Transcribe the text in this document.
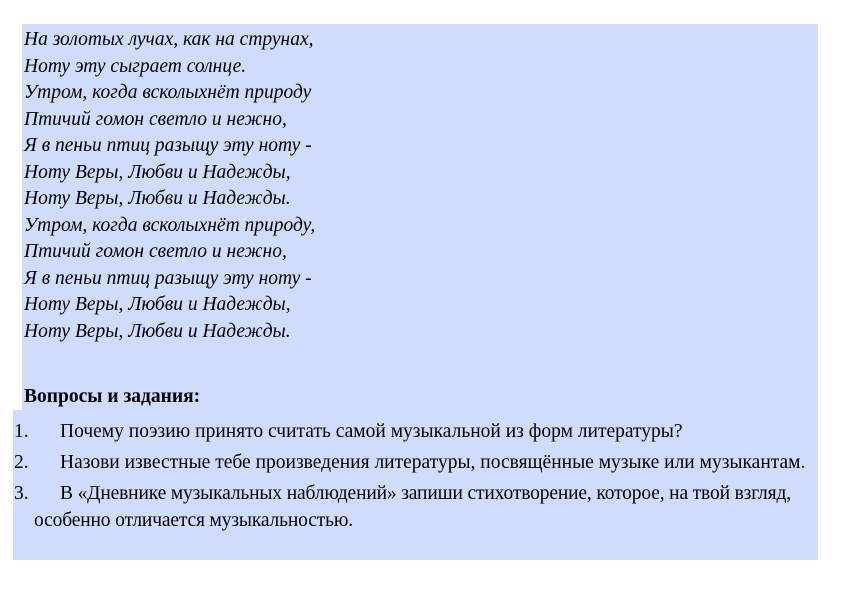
На золотых лучах, как на струнах,
Ноту эту сыграет солнце.
Утром, когда всколыхнёт природу
Птичий гомон светло и нежно,
Я в пеньи птиц разыщу эту ноту -
Ноту Веры, Любви и Надежды,
Ноту Веры, Любви и Надежды.
Утром, когда всколыхнёт природу,
Птичий гомон светло и нежно,
Я в пеньи птиц разыщу эту ноту -
Ноту Веры, Любви и Надежды,
Ноту Веры, Любви и Надежды.
Вопросы и задания:
1.	Почему поэзию принято считать самой музыкальной из форм литературы?
2.	Назови известные тебе произведения литературы, посвящённые музыке или музыкантам.
3.	В «Дневнике музыкальных наблюдений» запиши стихотворение, которое, на твой взгляд, особенно отличается музыкальностью.
